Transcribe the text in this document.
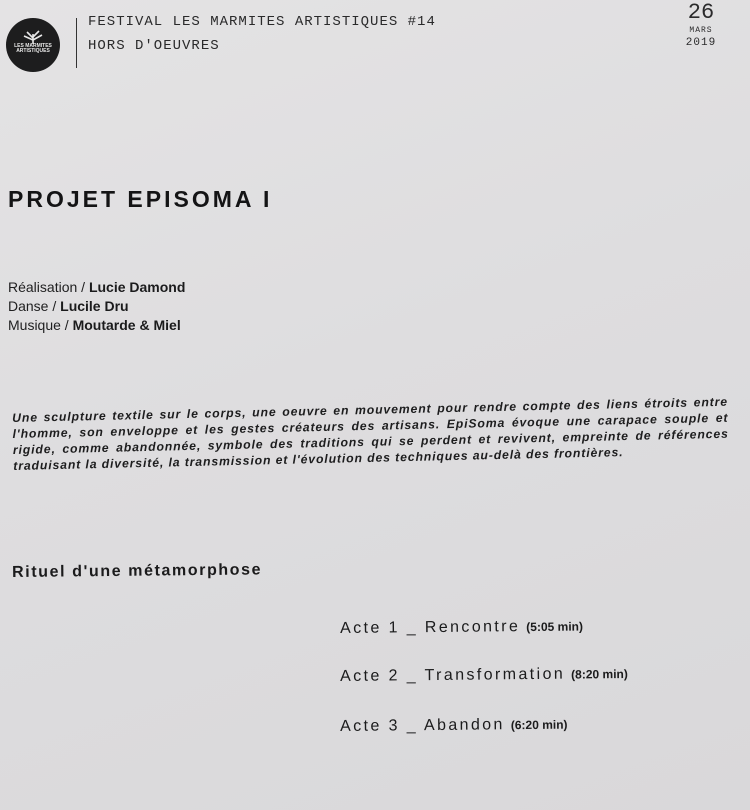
LES MARMITES ARTISTIQUES
FESTIVAL LES MARMITES ARTISTIQUES #14
HORS D'OEUVRES
26
MARS
2019
PROJET EPISOMA I
Réalisation / Lucie Damond
Danse / Lucile Dru
Musique / Moutarde & Miel
Une sculpture textile sur le corps, une oeuvre en mouvement pour rendre compte des liens étroits entre l'homme, son enveloppe et les gestes créateurs des artisans. EpiSoma évoque une carapace souple et rigide, comme abandonnée, symbole des traditions qui se perdent et revivent, empreinte de références traduisant la diversité, la transmission et l'évolution des techniques au-delà des frontières.
Rituel d'une métamorphose
Acte 1 _ Rencontre (5:05 min)
Acte 2 _ Transformation (8:20 min)
Acte 3 _ Abandon (6:20 min)
